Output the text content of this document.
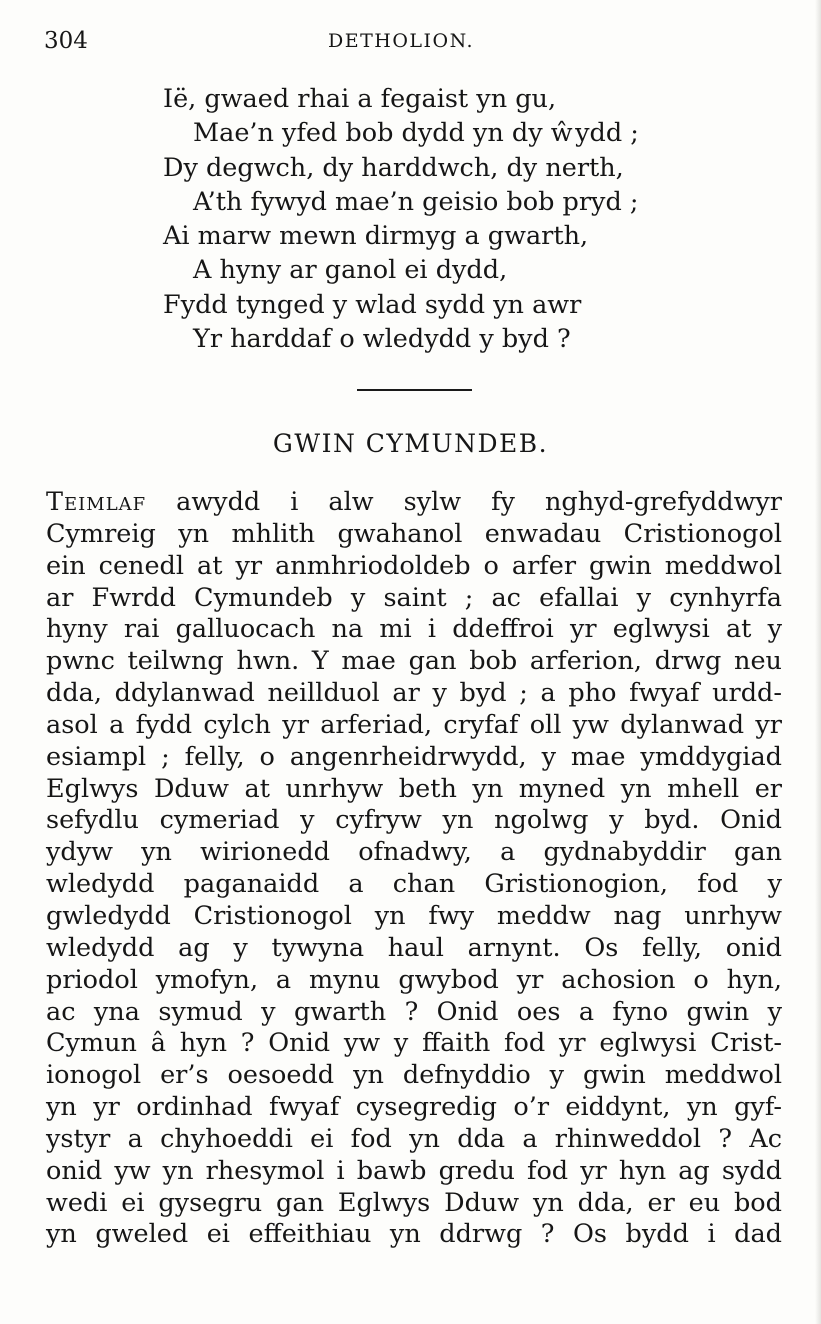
304	DETHOLION.
Iё, gwaed rhai a fegaist yn gu,
Mae’n yfed bob dydd yn dy ŵydd ;
Dy degwch, dy harddwch, dy nerth,
A’th fywyd mae’n geisio bob pryd ;
Ai marw mewn dirmyg a gwarth,
A hyny ar ganol ei dydd,
Fydd tynged y wlad sydd yn awr
Yr harddaf o wledydd y byd ?
GWIN CYMUNDEB.
Teimlaf awydd i alw sylw fy nghyd-grefyddwyr
Cymreig yn mhlith gwahanol enwadau Cristionogol
ein cenedl at yr anmhriodoldeb o arfer gwin meddwol
ar Fwrdd Cymundeb y saint ; ac efallai y cynhyrfa
hyny rai galluocach na mi i ddeffroi yr eglwysi at y
pwnc teilwng hwn. Y mae gan bob arferion, drwg neu
dda, ddylanwad neillduol ar y byd ; a pho fwyaf urdd-
asol a fydd cylch yr arferiad, cryfaf oll yw dylanwad yr
esiampl ; felly, o angenrheidrwydd, y mae ymddygiad
Eglwys Dduw at unrhyw beth yn myned yn mhell er
sefydlu cymeriad y cyfryw yn ngolwg y byd. Onid
ydyw yn wirionedd ofnadwy, a gydnabyddir gan
wledydd paganaidd a chan Gristionogion, fod y
gwledydd Cristionogol yn fwy meddw nag unrhyw
wledydd ag y tywyna haul arnynt. Os felly, onid
priodol ymofyn, a mynu gwybod yr achosion o hyn,
ac yna symud y gwarth ? Onid oes a fyno gwin y
Cymun â hyn ? Onid yw y ffaith fod yr eglwysi Crist-
ionogol er’s oesoedd yn defnyddio y gwin meddwol
yn yr ordinhad fwyaf cysegredig o’r eiddynt, yn gyf-
ystyr a chyhoeddi ei fod yn dda a rhinweddol ? Ac
onid yw yn rhesymol i bawb gredu fod yr hyn ag sydd
wedi ei gysegru gan Eglwys Dduw yn dda, er eu bod
yn gweled ei effeithiau yn ddrwg ? Os bydd i dad
